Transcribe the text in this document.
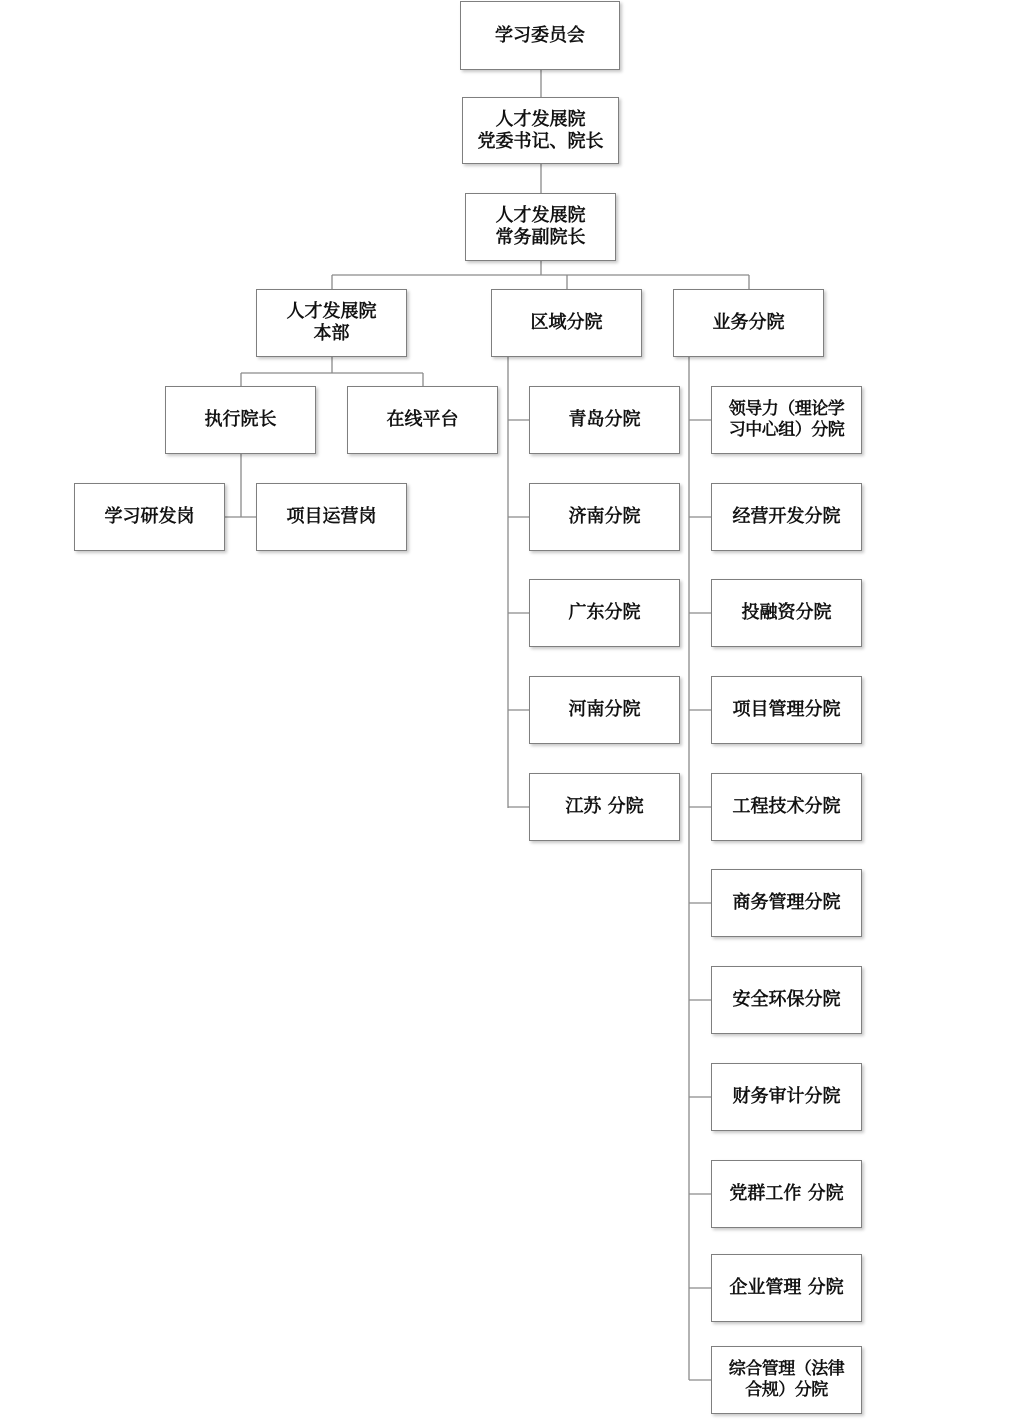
学习委员会
人才发展院
党委书记、院长
人才发展院
常务副院长
人才发展院
本部
区域分院	业务分院
执行院长	在线平台
学习研发岗	项目运营岗
青岛分院
济南分院
广东分院
河南分院
江苏 分院
领导力（理论学
习中心组）分院
经营开发分院
投融资分院
项目管理分院
工程技术分院
商务管理分院
安全环保分院
财务审计分院
党群工作 分院
企业管理 分院
综合管理（法律
合规）分院
